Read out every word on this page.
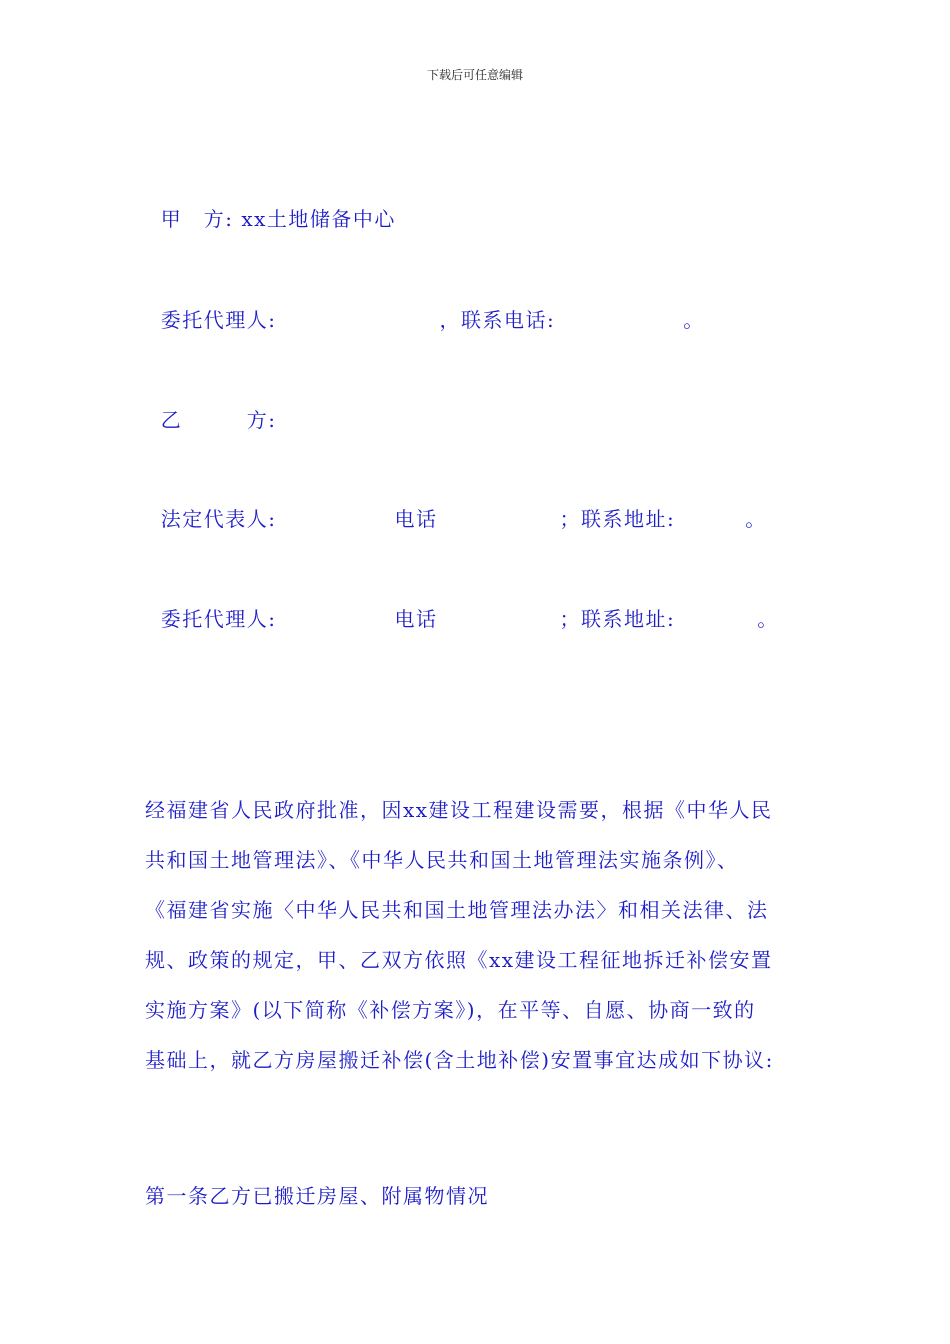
下载后可任意编辑

甲　方: xx土地储备中心

委托代理人:	，联系电话:	。

乙　　　方:

法定代表人:	电话	；联系地址:	。

委托代理人:	电话	；联系地址:	。

经福建省人民政府批准，因xx建设工程建设需要，根据《中华人民
共和国土地管理法》、《中华人民共和国土地管理法实施条例》、
《福建省实施〈中华人民共和国土地管理法办法〉和相关法律、法
规、政策的规定，甲、乙双方依照《xx建设工程征地拆迁补偿安置
实施方案》(以下简称《补偿方案》)，在平等、自愿、协商一致的
基础上，就乙方房屋搬迁补偿(含土地补偿)安置事宜达成如下协议:
第一条乙方已搬迁房屋、附属物情况
